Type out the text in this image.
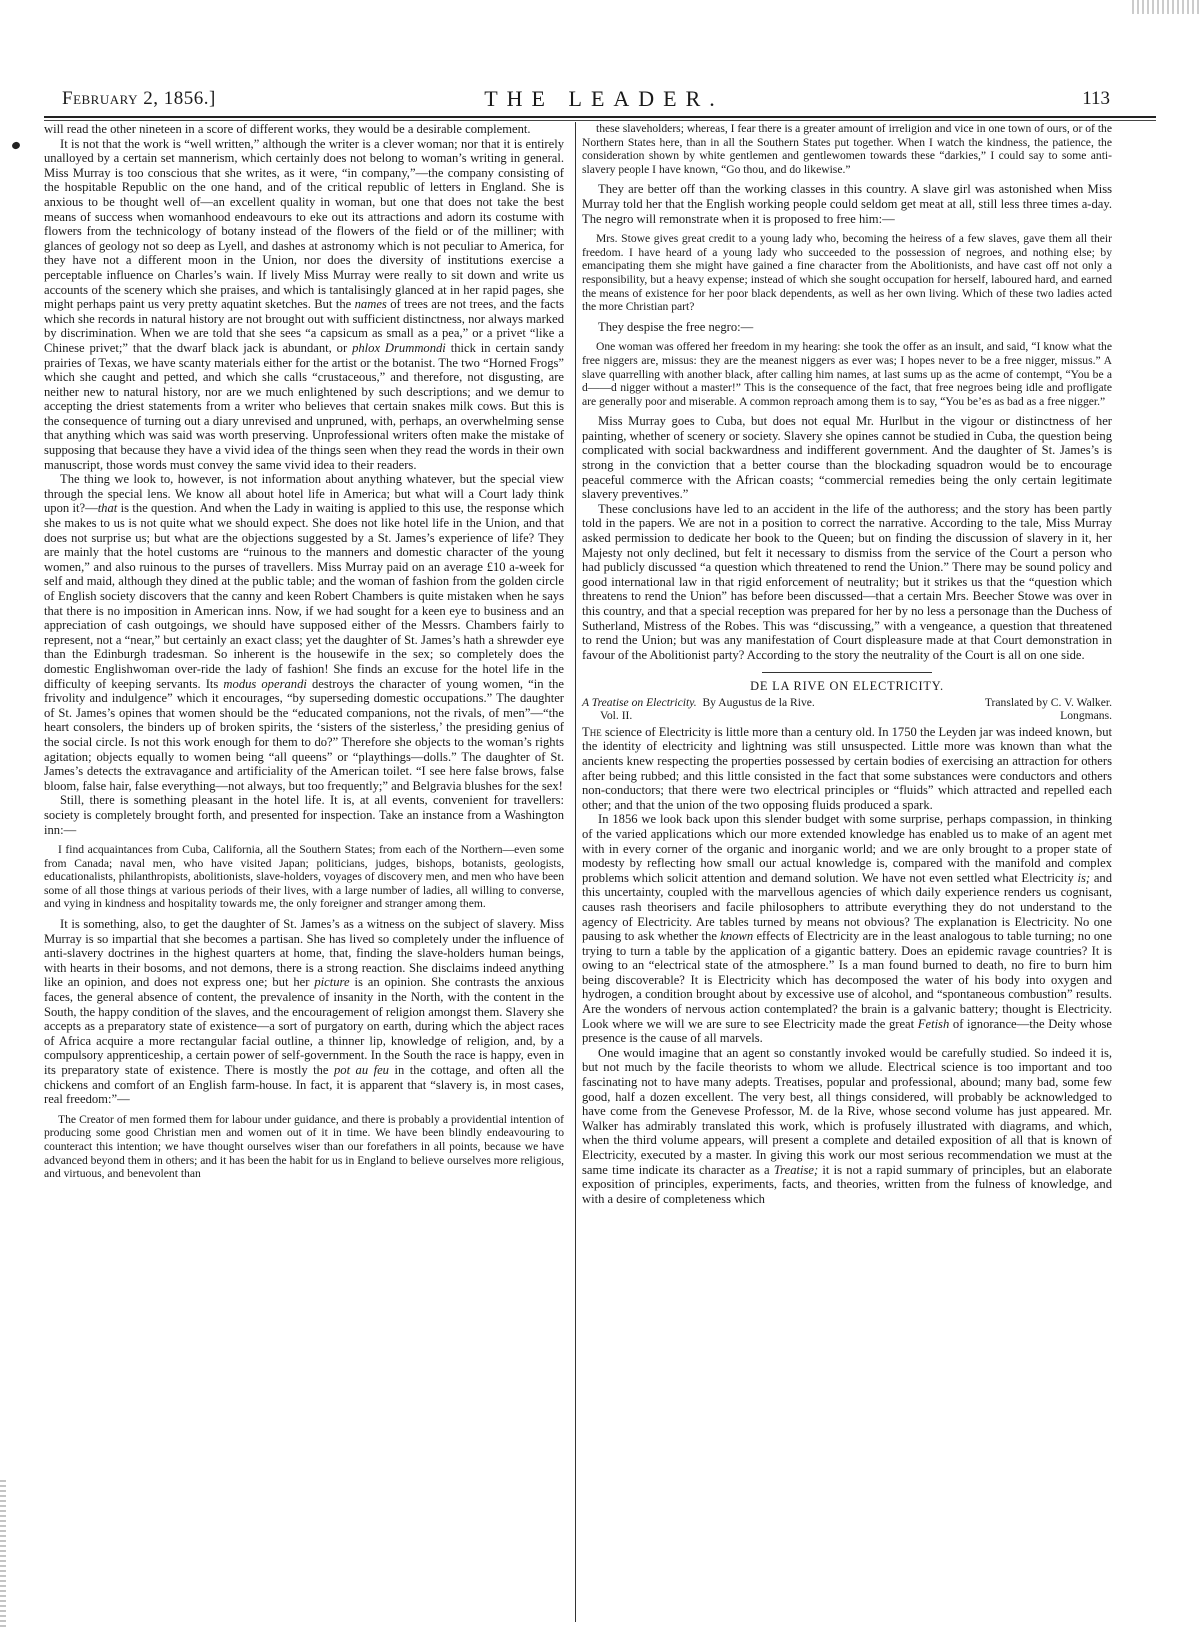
February 2, 1856.]	THE LEADER.	113

will read the other nineteen in a score of different works, they would be a desirable complement.

It is not that the work is “well written,” although the writer is a clever woman; nor that it is entirely unalloyed by a certain set mannerism, which certainly does not belong to woman’s writing in general. Miss Murray is too conscious that she writes, as it were, “in company,”—the company consisting of the hospitable Republic on the one hand, and of the critical republic of letters in England. She is anxious to be thought well of—an excellent quality in woman, but one that does not take the best means of success when womanhood endeavours to eke out its attractions and adorn its costume with flowers from the technicology of botany instead of the flowers of the field or of the milliner; with glances of geology not so deep as Lyell, and dashes at astronomy which is not peculiar to America, for they have not a different moon in the Union, nor does the diversity of institutions exercise a perceptable influence on Charles’s wain. If lively Miss Murray were really to sit down and write us accounts of the scenery which she praises, and which is tantalisingly glanced at in her rapid pages, she might perhaps paint us very pretty aquatint sketches. But the names of trees are not trees, and the facts which she records in natural history are not brought out with sufficient distinctness, nor always marked by discrimination. When we are told that she sees “a capsicum as small as a pea,” or a privet “like a Chinese privet;” that the dwarf black jack is abundant, or phlox Drummondi thick in certain sandy prairies of Texas, we have scanty materials either for the artist or the botanist. The two “Horned Frogs” which she caught and petted, and which she calls “crustaceous,” and therefore, not disgusting, are neither new to natural history, nor are we much enlightened by such descriptions; and we demur to accepting the driest statements from a writer who believes that certain snakes milk cows. But this is the consequence of turning out a diary unrevised and unpruned, with, perhaps, an overwhelming sense that anything which was said was worth preserving. Unprofessional writers often make the mistake of supposing that because they have a vivid idea of the things seen when they read the words in their own manuscript, those words must convey the same vivid idea to their readers.

The thing we look to, however, is not information about anything whatever, but the special view through the special lens. We know all about hotel life in America; but what will a Court lady think upon it?—that is the question. And when the Lady in waiting is applied to this use, the response which she makes to us is not quite what we should expect. She does not like hotel life in the Union, and that does not surprise us; but what are the objections suggested by a St. James’s experience of life? They are mainly that the hotel customs are “ruinous to the manners and domestic character of the young women,” and also ruinous to the purses of travellers. Miss Murray paid on an average £10 a-week for self and maid, although they dined at the public table; and the woman of fashion from the golden circle of English society discovers that the canny and keen Robert Chambers is quite mistaken when he says that there is no imposition in American inns. Now, if we had sought for a keen eye to business and an appreciation of cash outgoings, we should have supposed either of the Messrs. Chambers fairly to represent, not a “near,” but certainly an exact class; yet the daughter of St. James’s hath a shrewder eye than the Edinburgh tradesman. So inherent is the housewife in the sex; so completely does the domestic Englishwoman over-ride the lady of fashion! She finds an excuse for the hotel life in the difficulty of keeping servants. Its modus operandi destroys the character of young women, “in the frivolity and indulgence” which it encourages, “by superseding domestic occupations.” The daughter of St. James’s opines that women should be the “educated companions, not the rivals, of men”—“the heart consolers, the binders up of broken spirits, the ‘sisters of the sisterless,’ the presiding genius of the social circle. Is not this work enough for them to do?” Therefore she objects to the woman’s rights agitation; objects equally to women being “all queens” or “playthings—dolls.” The daughter of St. James’s detects the extravagance and artificiality of the American toilet. “I see here false brows, false bloom, false hair, false everything—not always, but too frequently;” and Belgravia blushes for the sex!

Still, there is something pleasant in the hotel life. It is, at all events, convenient for travellers: society is completely brought forth, and presented for inspection. Take an instance from a Washington inn:—

I find acquaintances from Cuba, California, all the Southern States; from each of the Northern—even some from Canada; naval men, who have visited Japan; politicians, judges, bishops, botanists, geologists, educationalists, philanthropists, abolitionists, slave-holders, voyages of discovery men, and men who have been some of all those things at various periods of their lives, with a large number of ladies, all willing to converse, and vying in kindness and hospitality towards me, the only foreigner and stranger among them.

It is something, also, to get the daughter of St. James’s as a witness on the subject of slavery. Miss Murray is so impartial that she becomes a partisan. She has lived so completely under the influence of anti-slavery doctrines in the highest quarters at home, that, finding the slave-holders human beings, with hearts in their bosoms, and not demons, there is a strong reaction. She disclaims indeed anything like an opinion, and does not express one; but her picture is an opinion. She contrasts the anxious faces, the general absence of content, the prevalence of insanity in the North, with the content in the South, the happy condition of the slaves, and the encouragement of religion amongst them. Slavery she accepts as a preparatory state of existence—a sort of purgatory on earth, during which the abject races of Africa acquire a more rectangular facial outline, a thinner lip, knowledge of religion, and, by a compulsory apprenticeship, a certain power of self-government. In the South the race is happy, even in its preparatory state of existence. There is mostly the pot au feu in the cottage, and often all the chickens and comfort of an English farm-house. In fact, it is apparent that “slavery is, in most cases, real freedom:”—

The Creator of men formed them for labour under guidance, and there is probably a providential intention of producing some good Christian men and women out of it in time. We have been blindly endeavouring to counteract this intention; we have thought ourselves wiser than our forefathers in all points, because we have advanced beyond them in others; and it has been the habit for us in England to believe ourselves more religious, and virtuous, and benevolent than

these slaveholders; whereas, I fear there is a greater amount of irreligion and vice in one town of ours, or of the Northern States here, than in all the Southern States put together. When I watch the kindness, the patience, the consideration shown by white gentlemen and gentlewomen towards these “darkies,” I could say to some anti-slavery people I have known, “Go thou, and do likewise.”

They are better off than the working classes in this country. A slave girl was astonished when Miss Murray told her that the English working people could seldom get meat at all, still less three times a-day. The negro will remonstrate when it is proposed to free him:—

Mrs. Stowe gives great credit to a young lady who, becoming the heiress of a few slaves, gave them all their freedom. I have heard of a young lady who succeeded to the possession of negroes, and nothing else; by emancipating them she might have gained a fine character from the Abolitionists, and have cast off not only a responsibility, but a heavy expense; instead of which she sought occupation for herself, laboured hard, and earned the means of existence for her poor black dependents, as well as her own living. Which of these two ladies acted the more Christian part?

They despise the free negro:—

One woman was offered her freedom in my hearing: she took the offer as an insult, and said, “I know what the free niggers are, missus: they are the meanest niggers as ever was; I hopes never to be a free nigger, missus.” A slave quarrelling with another black, after calling him names, at last sums up as the acme of contempt, “You be a d——d nigger without a master!” This is the consequence of the fact, that free negroes being idle and profligate are generally poor and miserable. A common reproach among them is to say, “You be’es as bad as a free nigger.”

Miss Murray goes to Cuba, but does not equal Mr. Hurlbut in the vigour or distinctness of her painting, whether of scenery or society. Slavery she opines cannot be studied in Cuba, the question being complicated with social backwardness and indifferent government. And the daughter of St. James’s is strong in the conviction that a better course than the blockading squadron would be to encourage peaceful commerce with the African coasts; “commercial remedies being the only certain legitimate slavery preventives.”

These conclusions have led to an accident in the life of the authoress; and the story has been partly told in the papers. We are not in a position to correct the narrative. According to the tale, Miss Murray asked permission to dedicate her book to the Queen; but on finding the discussion of slavery in it, her Majesty not only declined, but felt it necessary to dismiss from the service of the Court a person who had publicly discussed “a question which threatened to rend the Union.” There may be sound policy and good international law in that rigid enforcement of neutrality; but it strikes us that the “question which threatens to rend the Union” has before been discussed—that a certain Mrs. Beecher Stowe was over in this country, and that a special reception was prepared for her by no less a personage than the Duchess of Sutherland, Mistress of the Robes. This was “discussing,” with a vengeance, a question that threatened to rend the Union; but was any manifestation of Court displeasure made at that Court demonstration in favour of the Abolitionist party? According to the story the neutrality of the Court is all on one side.

DE LA RIVE ON ELECTRICITY.
A Treatise on Electricity. By Augustus de la Rive.	Translated by C. V. Walker.
Vol. II.	Longmans.

The science of Electricity is little more than a century old. In 1750 the Leyden jar was indeed known, but the identity of electricity and lightning was still unsuspected. Little more was known than what the ancients knew respecting the properties possessed by certain bodies of exercising an attraction for others after being rubbed; and this little consisted in the fact that some substances were conductors and others non-conductors; that there were two electrical principles or “fluids” which attracted and repelled each other; and that the union of the two opposing fluids produced a spark.

In 1856 we look back upon this slender budget with some surprise, perhaps compassion, in thinking of the varied applications which our more extended knowledge has enabled us to make of an agent met with in every corner of the organic and inorganic world; and we are only brought to a proper state of modesty by reflecting how small our actual knowledge is, compared with the manifold and complex problems which solicit attention and demand solution. We have not even settled what Electricity is; and this uncertainty, coupled with the marvellous agencies of which daily experience renders us cognisant, causes rash theorisers and facile philosophers to attribute everything they do not understand to the agency of Electricity. Are tables turned by means not obvious? The explanation is Electricity. No one pausing to ask whether the known effects of Electricity are in the least analogous to table turning; no one trying to turn a table by the application of a gigantic battery. Does an epidemic ravage countries? It is owing to an “electrical state of the atmosphere.” Is a man found burned to death, no fire to burn him being discoverable? It is Electricity which has decomposed the water of his body into oxygen and hydrogen, a condition brought about by excessive use of alcohol, and “spontaneous combustion” results. Are the wonders of nervous action contemplated? the brain is a galvanic battery; thought is Electricity. Look where we will we are sure to see Electricity made the great Fetish of ignorance—the Deity whose presence is the cause of all marvels.

One would imagine that an agent so constantly invoked would be carefully studied. So indeed it is, but not much by the facile theorists to whom we allude. Electrical science is too important and too fascinating not to have many adepts. Treatises, popular and professional, abound; many bad, some few good, half a dozen excellent. The very best, all things considered, will probably be acknowledged to have come from the Genevese Professor, M. de la Rive, whose second volume has just appeared. Mr. Walker has admirably translated this work, which is profusely illustrated with diagrams, and which, when the third volume appears, will present a complete and detailed exposition of all that is known of Electricity, executed by a master. In giving this work our most serious recommendation we must at the same time indicate its character as a Treatise; it is not a rapid summary of principles, but an elaborate exposition of principles, experiments, facts, and theories, written from the fulness of knowledge, and with a desire of completeness which
